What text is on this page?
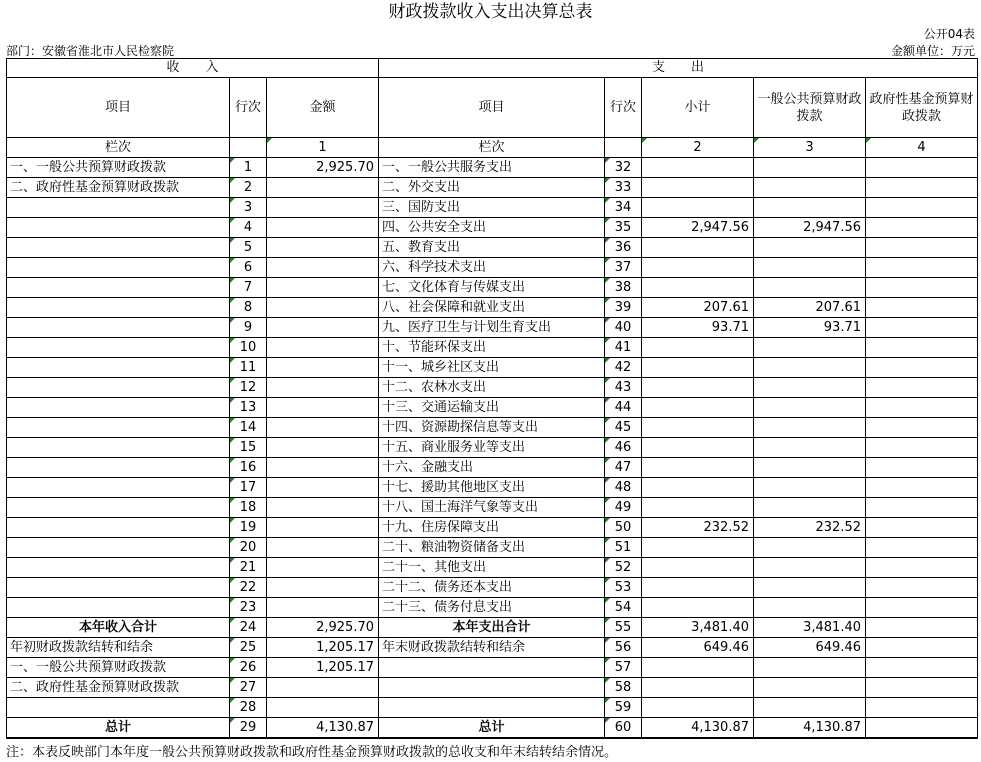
财政拨款收入支出决算总表
公开04表
部门：安徽省淮北市人民检察院	金额单位：万元
收　　入			支　　出				
项目	行次	金额	项目	行次	小计	一般公共预算财政拨款	政府性基金预算财政拨款
栏次		1	栏次		2	3	4
一、一般公共预算财政拨款	1	2,925.70	一、一般公共服务支出	32			
二、政府性基金预算财政拨款	2		二、外交支出	33			
	3		三、国防支出	34			
	4		四、公共安全支出	35	2,947.56	2,947.56	
	5		五、教育支出	36			
	6		六、科学技术支出	37			
	7		七、文化体育与传媒支出	38			
	8		八、社会保障和就业支出	39	207.61	207.61	
	9		九、医疗卫生与计划生育支出	40	93.71	93.71	
	10		十、节能环保支出	41			
	11		十一、城乡社区支出	42			
	12		十二、农林水支出	43			
	13		十三、交通运输支出	44			
	14		十四、资源勘探信息等支出	45			
	15		十五、商业服务业等支出	46			
	16		十六、金融支出	47			
	17		十七、援助其他地区支出	48			
	18		十八、国土海洋气象等支出	49			
	19		十九、住房保障支出	50	232.52	232.52	
	20		二十、粮油物资储备支出	51			
	21		二十一、其他支出	52			
	22		二十二、债务还本支出	53			
	23		二十三、债务付息支出	54			
本年收入合计	24	2,925.70	本年支出合计	55	3,481.40	3,481.40	
年初财政拨款结转和结余	25	1,205.17	年末财政拨款结转和结余	56	649.46	649.46	
一、一般公共预算财政拨款	26	1,205.17		57			
二、政府性基金预算财政拨款	27			58			
	28			59			
总计	29	4,130.87	总计	60	4,130.87	4,130.87	
注：本表反映部门本年度一般公共预算财政拨款和政府性基金预算财政拨款的总收支和年末结转结余情况。
